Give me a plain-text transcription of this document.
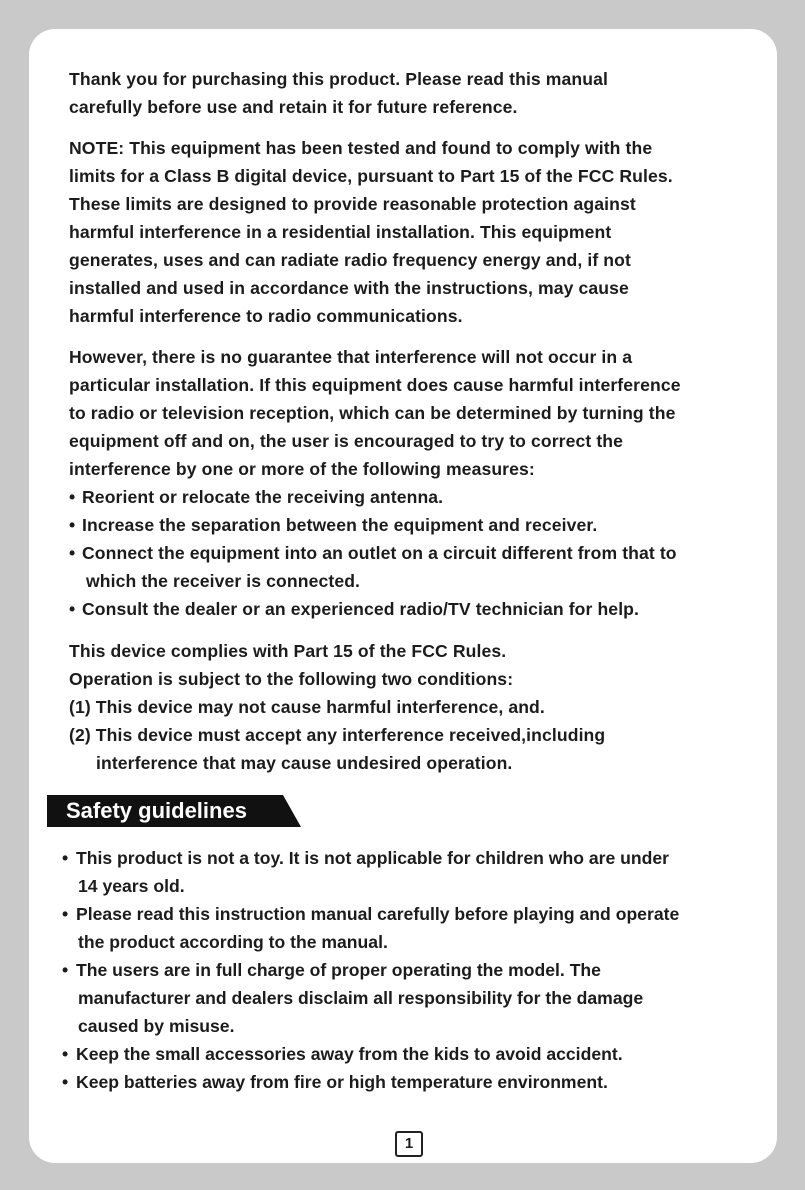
Thank you for purchasing this product. Please read this manual

carefully before use and retain it for future reference.

NOTE: This equipment has been tested and found to comply with the

limits for a Class B digital device, pursuant to Part 15 of the FCC Rules.

These limits are designed to provide reasonable protection against

harmful interference in a residential installation. This equipment

generates, uses and can radiate radio frequency energy and, if not

installed and used in accordance with the instructions, may cause

harmful interference to radio communications.

However, there is no guarantee that interference will not occur in a

particular installation. If this equipment does cause harmful interference

to radio or television reception, which can be determined by turning the

equipment off and on, the user is encouraged to try to correct the

interference by one or more of the following measures:

• Reorient or relocate the receiving antenna.
• Increase the separation between the equipment and receiver.
• Connect the equipment into an outlet on a circuit different from that to
which the receiver is connected.
• Consult the dealer or an experienced radio/TV technician for help.

This device complies with Part 15 of the FCC Rules.

Operation is subject to the following two conditions:

(1) This device may not cause harmful interference, and.
(2) This device must accept any interference received,including
interference that may cause undesired operation.
Safety guidelines
• This product is not a toy. It is not applicable for children who are under
14 years old.
• Please read this instruction manual carefully before playing and operate
the product according to the manual.
• The users are in full charge of proper operating the model. The
manufacturer and dealers disclaim all responsibility for the damage
caused by misuse.
• Keep the small accessories away from the kids to avoid accident.
• Keep batteries away from fire or high temperature environment.
1
